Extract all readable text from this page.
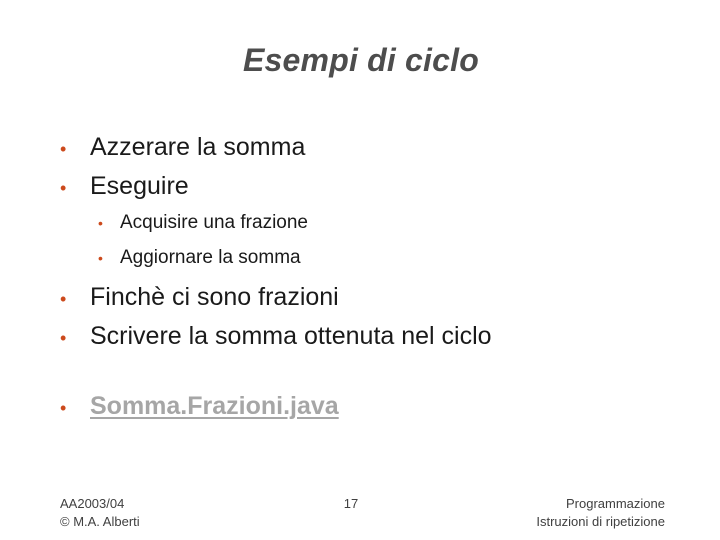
Esempi di ciclo
• Azzerare la somma
• Eseguire
• Acquisire una frazione
• Aggiornare la somma
• Finchè ci sono frazioni
• Scrivere la somma ottenuta nel ciclo
• Somma.Frazioni.java
AA2003/04
© M.A. Alberti
17	Programmazione
Istruzioni di ripetizione
